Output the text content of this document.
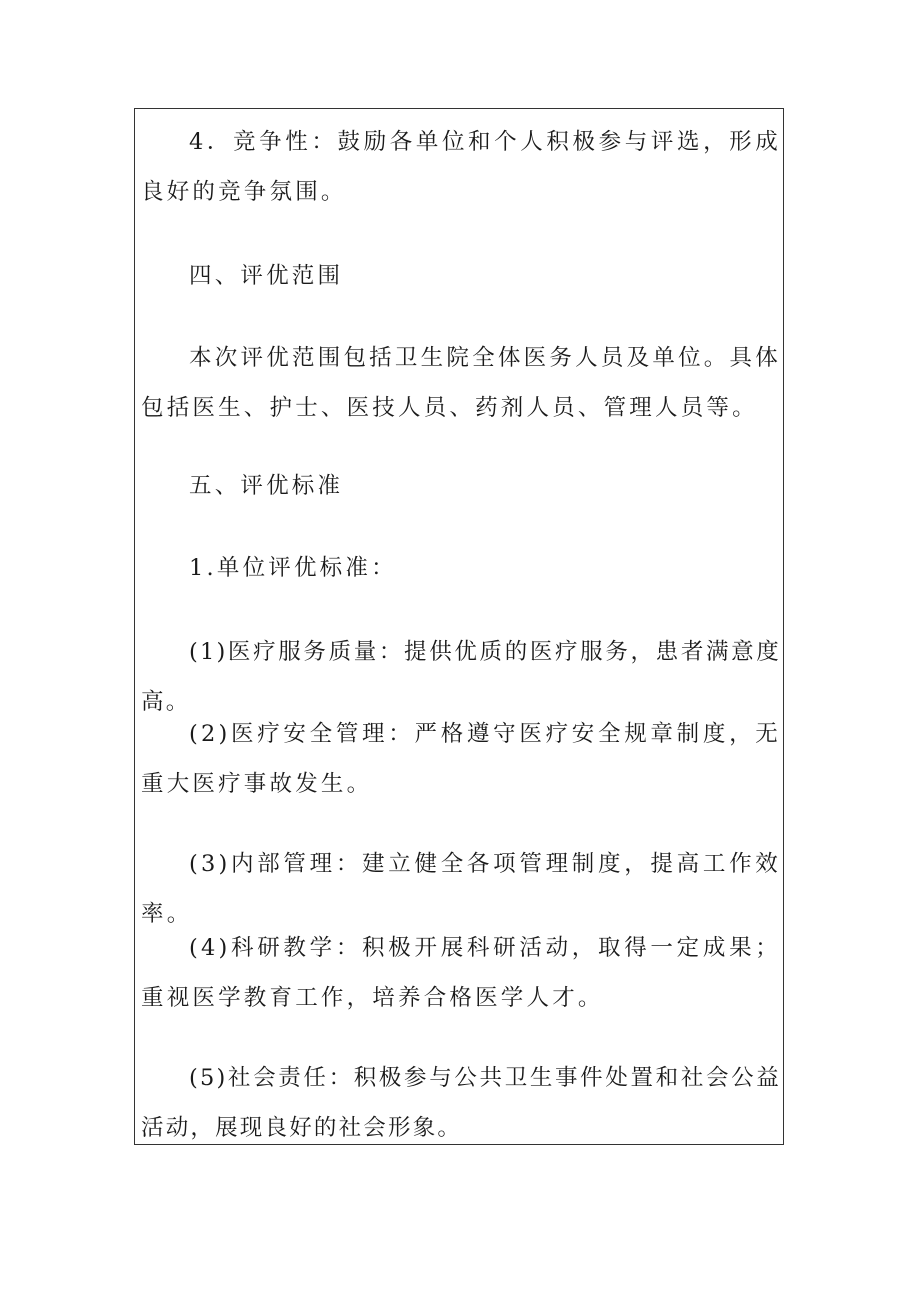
4．竞争性：鼓励各单位和个人积极参与评选，形成良好的竞争氛围。

四、评优范围

本次评优范围包括卫生院全体医务人员及单位。具体包括医生、护士、医技人员、药剂人员、管理人员等。

五、评优标准

1.单位评优标准：

(1)医疗服务质量：提供优质的医疗服务，患者满意度高。

(2)医疗安全管理：严格遵守医疗安全规章制度，无重大医疗事故发生。

(3)内部管理：建立健全各项管理制度，提高工作效率。

(4)科研教学：积极开展科研活动，取得一定成果；重视医学教育工作，培养合格医学人才。

(5)社会责任：积极参与公共卫生事件处置和社会公益活动，展现良好的社会形象。
